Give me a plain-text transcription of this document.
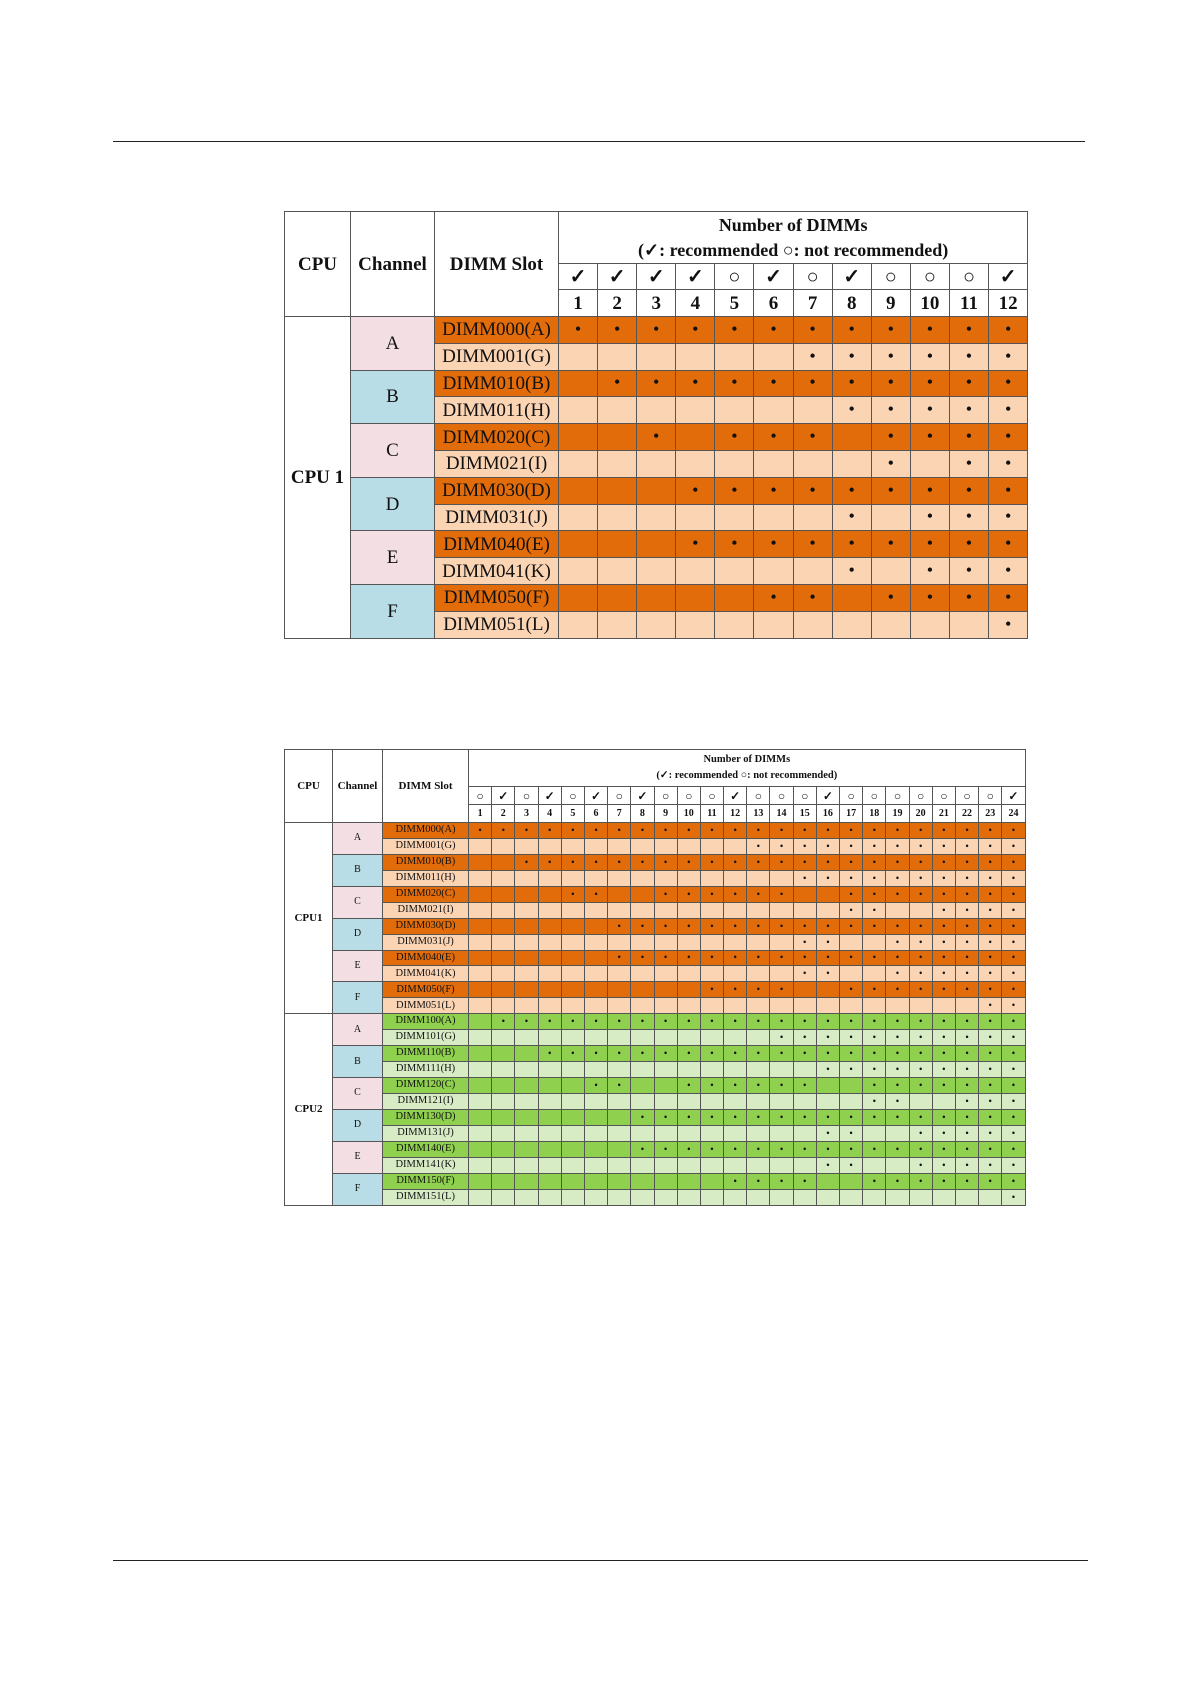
CPU	Channel	DIMM Slot	Number of DIMMs
(✓: recommended ○: not recommended)											

			✓	✓	✓	✓	○	✓	○	✓	○	○	○	✓
			1	2	3	4	5	6	7	8	9	10	11	12
CPU 1	A	DIMM000(A)	•	•	•	•	•	•	•	•	•	•	•	•
		DIMM001(G)							•	•	•	•	•	•
	B	DIMM010(B)		•	•	•	•	•	•	•	•	•	•	•
		DIMM011(H)								•	•	•	•	•
	C	DIMM020(C)			•		•	•	•		•	•	•	•
		DIMM021(I)									•		•	•
	D	DIMM030(D)				•	•	•	•	•	•	•	•	•
		DIMM031(J)								•		•	•	•
	E	DIMM040(E)				•	•	•	•	•	•	•	•	•
		DIMM041(K)								•		•	•	•
	F	DIMM050(F)						•	•		•	•	•	•
		DIMM051(L)												•
CPU	Channel	DIMM Slot	Number of DIMMs
(✓: recommended ○: not recommended)																							

			○	✓	○	✓	○	✓	○	✓	○	○	○	✓	○	○	○	✓	○	○	○	○	○	○	○	✓
			1	2	3	4	5	6	7	8	9	10	11	12	13	14	15	16	17	18	19	20	21	22	23	24
CPU1	A	DIMM000(A)	•	•	•	•	•	•	•	•	•	•	•	•	•	•	•	•	•	•	•	•	•	•	•	•
		DIMM001(G)													•	•	•	•	•	•	•	•	•	•	•	•
	B	DIMM010(B)			•	•	•	•	•	•	•	•	•	•	•	•	•	•	•	•	•	•	•	•	•	•
		DIMM011(H)															•	•	•	•	•	•	•	•	•	•
	C	DIMM020(C)					•	•			•	•	•	•	•	•			•	•	•	•	•	•	•	•
		DIMM021(I)																	•	•			•	•	•	•
	D	DIMM030(D)							•	•	•	•	•	•	•	•	•	•	•	•	•	•	•	•	•	•
		DIMM031(J)															•	•			•	•	•	•	•	•
	E	DIMM040(E)							•	•	•	•	•	•	•	•	•	•	•	•	•	•	•	•	•	•
		DIMM041(K)															•	•			•	•	•	•	•	•
	F	DIMM050(F)											•	•	•	•			•	•	•	•	•	•	•	•
		DIMM051(L)																							•	•
CPU2	A	DIMM100(A)		•	•	•	•	•	•	•	•	•	•	•	•	•	•	•	•	•	•	•	•	•	•	•
		DIMM101(G)														•	•	•	•	•	•	•	•	•	•	•
	B	DIMM110(B)				•	•	•	•	•	•	•	•	•	•	•	•	•	•	•	•	•	•	•	•	•
		DIMM111(H)																•	•	•	•	•	•	•	•	•
	C	DIMM120(C)						•	•			•	•	•	•	•	•			•	•	•	•	•	•	•
		DIMM121(I)																		•	•			•	•	•
	D	DIMM130(D)								•	•	•	•	•	•	•	•	•	•	•	•	•	•	•	•	•
		DIMM131(J)																•	•			•	•	•	•	•
	E	DIMM140(E)								•	•	•	•	•	•	•	•	•	•	•	•	•	•	•	•	•
		DIMM141(K)																•	•			•	•	•	•	•
	F	DIMM150(F)												•	•	•	•			•	•	•	•	•	•	•
		DIMM151(L)																								•
